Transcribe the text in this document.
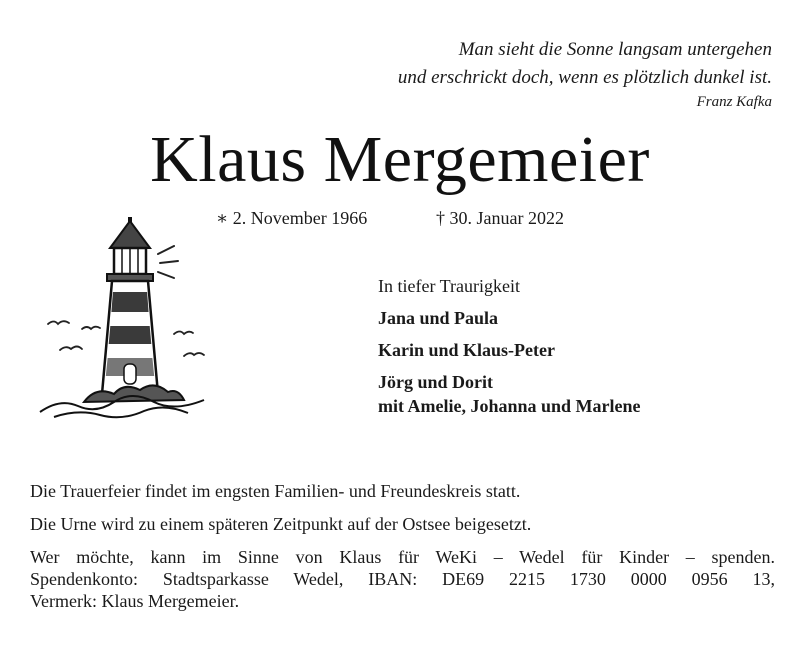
Man sieht die Sonne langsam untergehen
und erschrickt doch, wenn es plötzlich dunkel ist.
Franz Kafka
Klaus Mergemeier
∗ 2. November 1966	† 30. Januar 2022
In tiefer Traurigkeit
Jana und Paula
Karin und Klaus-Peter
Jörg und Dorit
mit Amelie, Johanna und Marlene

Die Trauerfeier findet im engsten Familien- und Freundeskreis statt.

Die Urne wird zu einem späteren Zeitpunkt auf der Ostsee beigesetzt.

Wer möchte, kann im Sinne von Klaus für WeKi – Wedel für Kinder – spenden.
Spendenkonto: Stadtsparkasse Wedel, IBAN: DE69 2215 1730 0000 0956 13,
Vermerk: Klaus Mergemeier.
